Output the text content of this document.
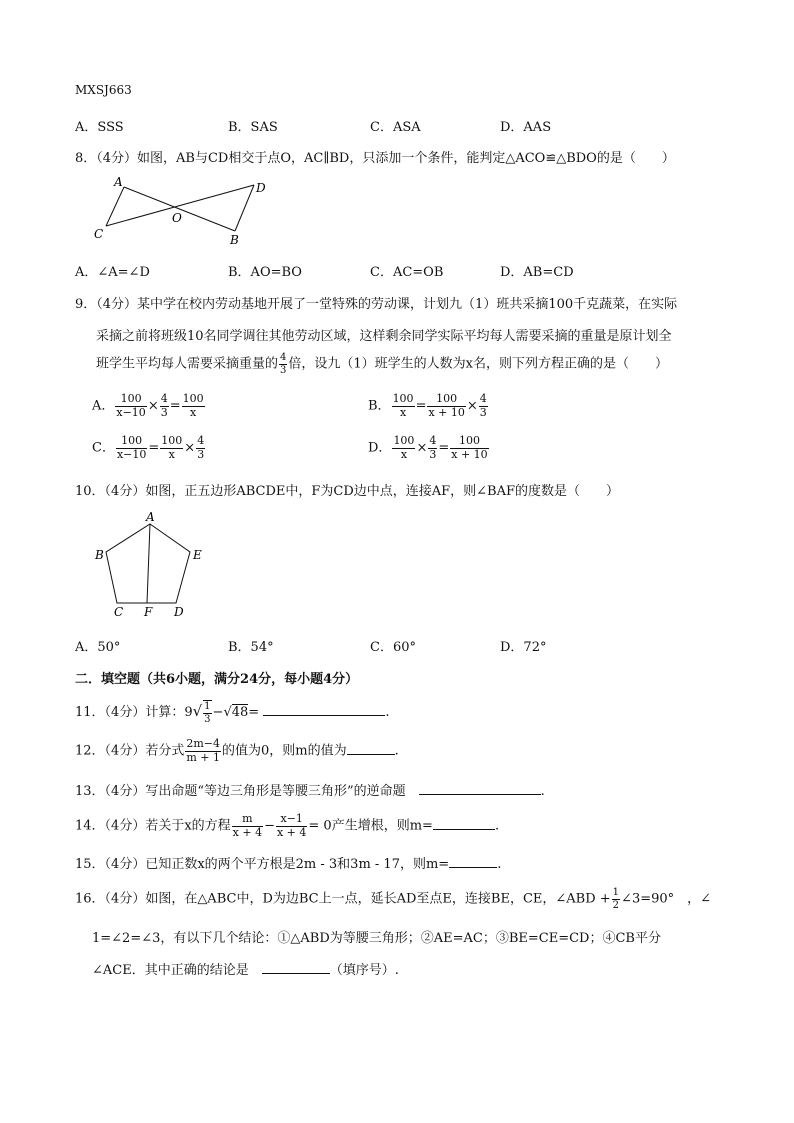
MXSJ663
A．SSS	B．SAS	C．ASA	D．AAS
8．（4分）如图，AB与CD相交于点O，AC∥BD，只添加一个条件，能判定△ACO≌△BDO的是（　　）
A	D
O
C	B
A．∠A=∠D	B．AO=BO	C．AC=OB	D．AB=CD
9．（4分）某中学在校内劳动基地开展了一堂特殊的劳动课，计划九（1）班共采摘100千克蔬菜，在实际
采摘之前将班级10名同学调往其他劳动区域，这样剩余同学实际平均每人需要采摘的重量是原计划全
班学生平均每人需要采摘重量的 $\frac{4}{3}$ 倍，设九（1）班学生的人数为x名，则下列方程正确的是（　　）
A． $\frac{100}{x-10} \times \frac{4}{3} = \frac{100}{x}$	B． $\frac{100}{x} = \frac{100}{x + 10} \times \frac{4}{3}$
C． $\frac{100}{x-10} = \frac{100}{x} \times \frac{4}{3}$	D． $\frac{100}{x} \times \frac{4}{3} = \frac{100}{x + 10}$
10．（4分）如图，正五边形ABCDE中，F为CD边中点，连接AF，则∠BAF的度数是（　　）
A
B	E
C F D
A．50°	B．54°	C．60°	D．72°
二．填空题（共6小题，满分24分，每小题4分）
11．（4分）计算：$9√ \frac{1}{3} -√48=$	.
12．（4分）若分式 $\frac{2m-4}{m + 1}$ 的值为0，则m的值为	.
13．（4分）写出命题“等边三角形是等腰三角形”的逆命题　	.
14．（4分）若关于x的方程 $\frac{m}{x + 4} - \frac{x-1}{x + 4} = 0$产生增根，则m=	.
15．（4分）已知正数x的两个平方根是2m - 3和3m - 17，则m=	.
16．（4分）如图，在△ABC中，D为边BC上一点，延长AD至点E，连接BE，CE，∠ABD + $\frac{1}{2}$ ∠3=90°　，∠
1=∠2=∠3，有以下几个结论：①△ABD为等腰三角形；②AE=AC；③BE=CE=CD；④CB平分
∠ACE．其中正确的结论是　	（填序号）.
